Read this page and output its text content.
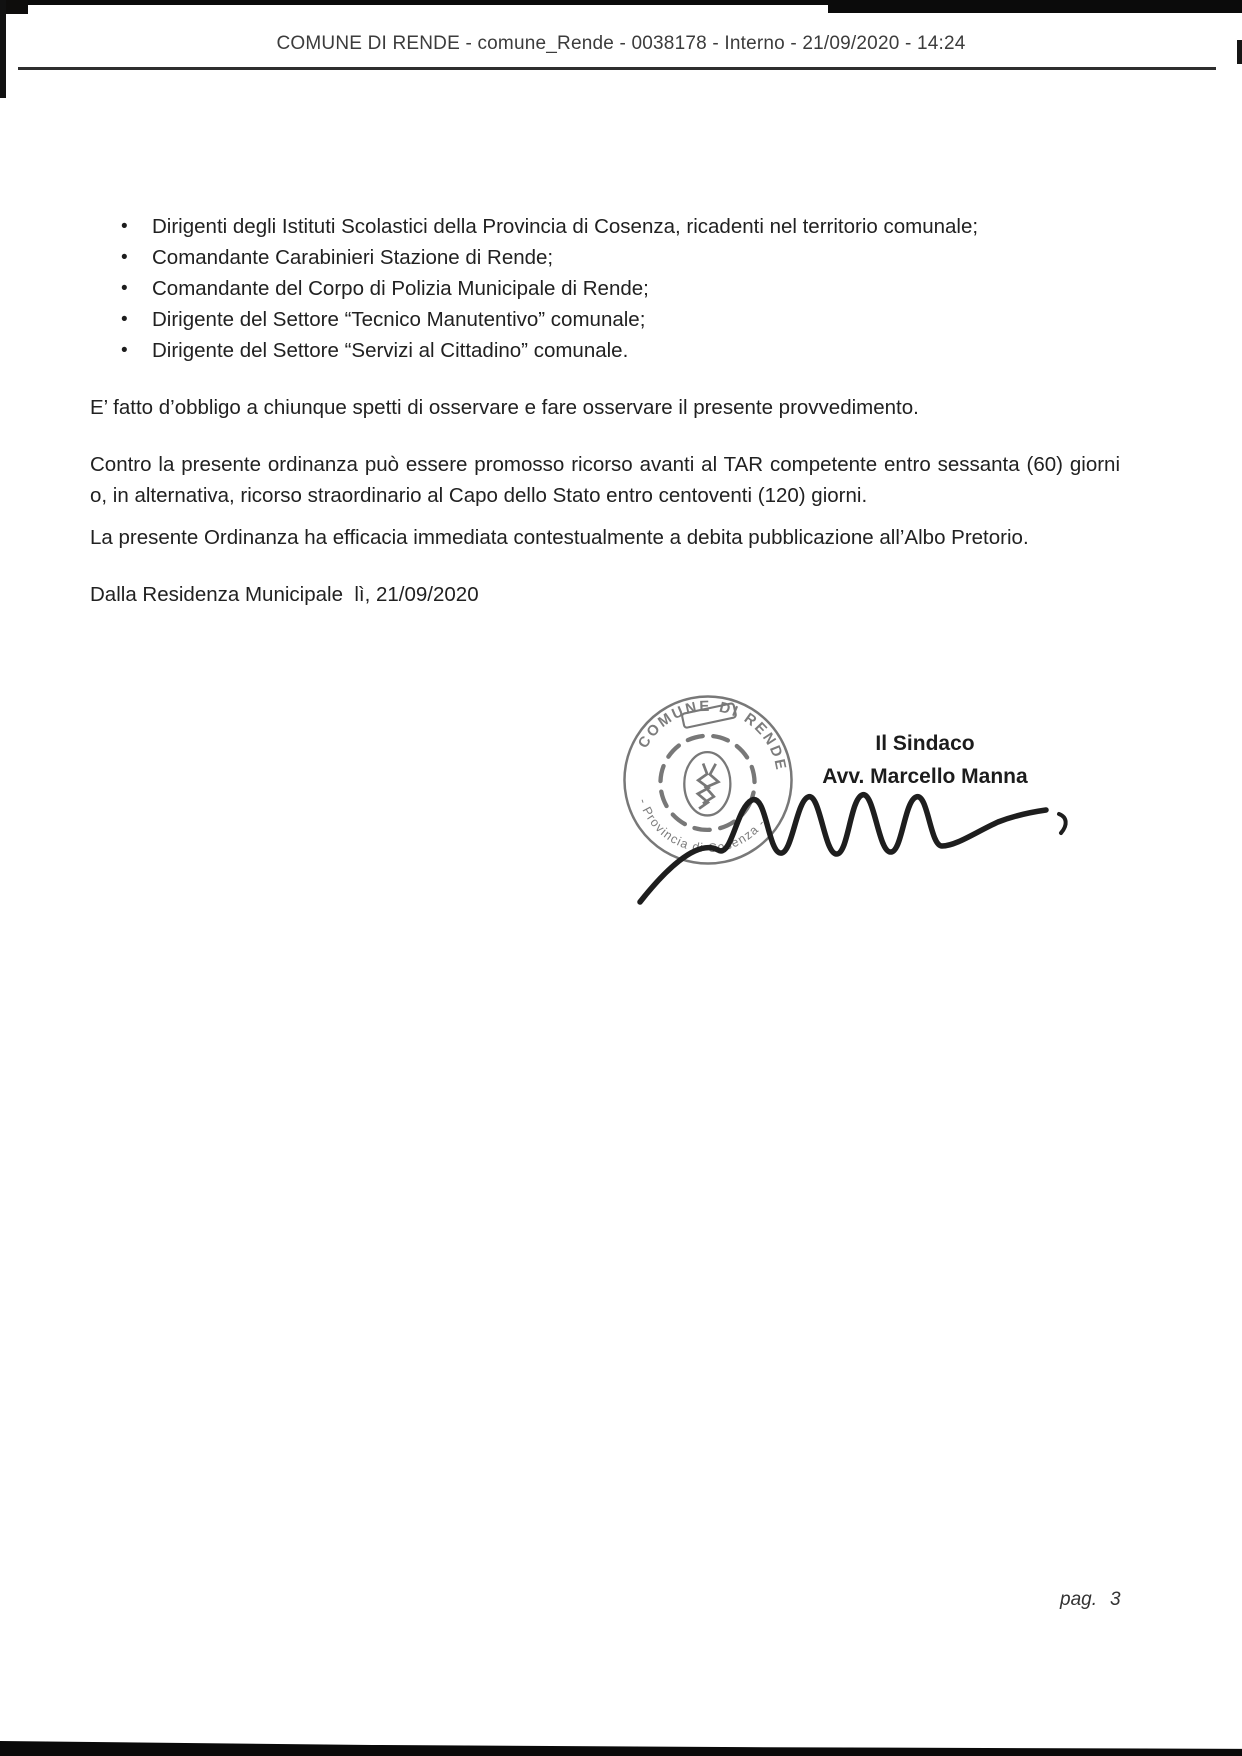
COMUNE DI RENDE - comune_Rende - 0038178 - Interno - 21/09/2020 - 14:24
• Dirigenti degli Istituti Scolastici della Provincia di Cosenza, ricadenti nel territorio comunale;
• Comandante Carabinieri Stazione di Rende;
• Comandante del Corpo di Polizia Municipale di Rende;
• Dirigente del Settore “Tecnico Manutentivo” comunale;
• Dirigente del Settore “Servizi al Cittadino” comunale.

E’ fatto d’obbligo a chiunque spetti di osservare e fare osservare il presente provvedimento.

Contro la presente ordinanza può essere promosso ricorso avanti al TAR competente entro sessanta (60) giorni o, in alternativa, ricorso straordinario al Capo dello Stato entro centoventi (120) giorni.

La presente Ordinanza ha efficacia immediata contestualmente a debita pubblicazione all’Albo Pretorio.

Dalla Residenza Municipale  lì, 21/09/2020

COMUNE DI RENDE
- Provincia di Cosenza -
Il Sindaco
Avv. Marcello Manna
pag. 3
